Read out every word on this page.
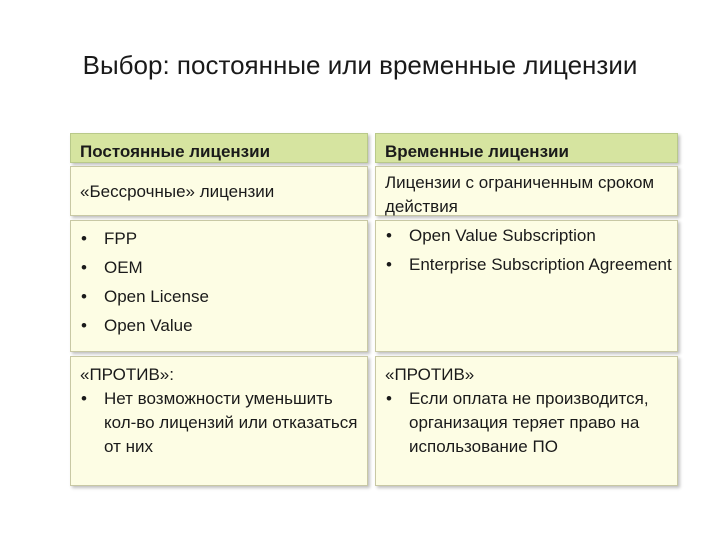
Выбор: постоянные или временные лицензии
Постоянные лицензии	Временные лицензии
«Бессрочные» лицензии	Лицензии с ограниченным сроком действия
• FPP
• OEM
• Open License
• Open Value
• Open Value Subscription
• Enterprise Subscription Agreement
«ПРОТИВ»:
• Нет возможности уменьшить кол-во лицензий или отказаться от них
«ПРОТИВ»
• Если оплата не производится, организация теряет право на использование ПО
